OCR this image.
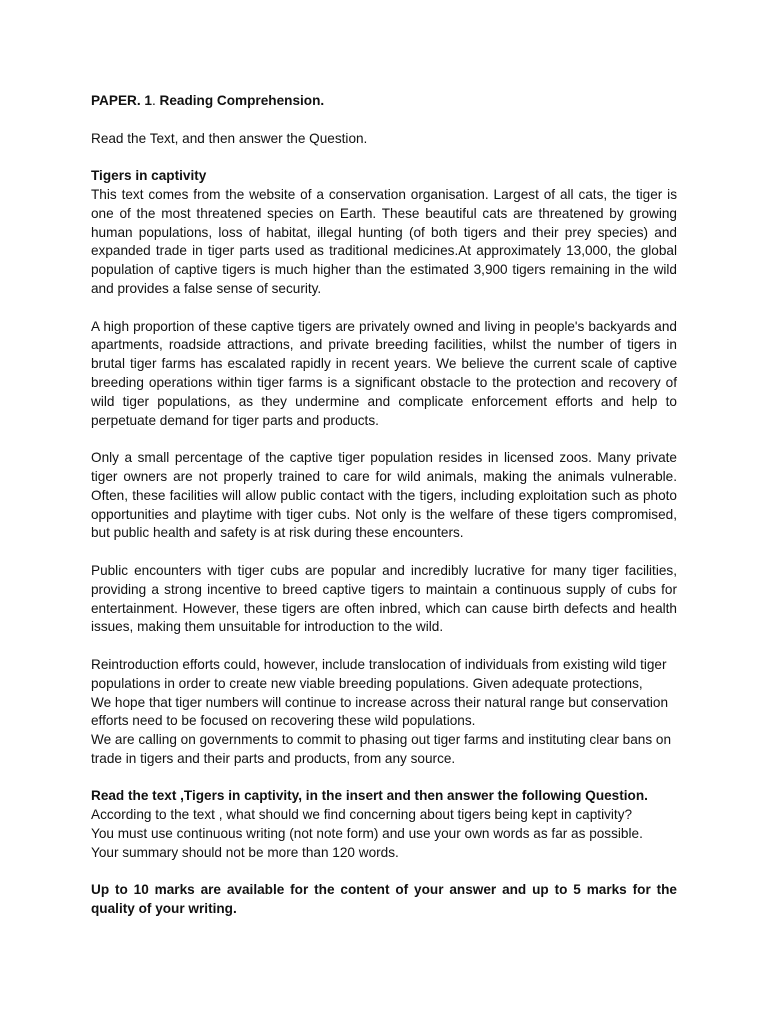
PAPER. 1. Reading Comprehension.

Read the Text, and then answer the Question.

Tigers in captivity

This text comes from the website of a conservation organisation. Largest of all cats, the tiger is one of the most threatened species on Earth. These beautiful cats are threatened by growing human populations, loss of habitat, illegal hunting (of both tigers and their prey species) and expanded trade in tiger parts used as traditional medicines.At approximately 13,000, the global population of captive tigers is much higher than the estimated 3,900 tigers remaining in the wild and provides a false sense of security.

A high proportion of these captive tigers are privately owned and living in people's backyards and apartments, roadside attractions, and private breeding facilities, whilst the number of tigers in brutal tiger farms has escalated rapidly in recent years. We believe the current scale of captive breeding operations within tiger farms is a significant obstacle to the protection and recovery of wild tiger populations, as they undermine and complicate enforcement efforts and help to perpetuate demand for tiger parts and products.

Only a small percentage of the captive tiger population resides in licensed zoos. Many private tiger owners are not properly trained to care for wild animals, making the animals vulnerable. Often, these facilities will allow public contact with the tigers, including exploitation such as photo opportunities and playtime with tiger cubs. Not only is the welfare of these tigers compromised, but public health and safety is at risk during these encounters.

Public encounters with tiger cubs are popular and incredibly lucrative for many tiger facilities, providing a strong incentive to breed captive tigers to maintain a continuous supply of cubs for entertainment. However, these tigers are often inbred, which can cause birth defects and health issues, making them unsuitable for introduction to the wild.

Reintroduction efforts could, however, include translocation of individuals from existing wild tiger populations in order to create new viable breeding populations. Given adequate protections,

We hope that tiger numbers will continue to increase across their natural range but conservation efforts need to be focused on recovering these wild populations.

We are calling on governments to commit to phasing out tiger farms and instituting clear bans on trade in tigers and their parts and products, from any source.

Read the text ,Tigers in captivity, in the insert and then answer the following Question.

According to the text , what should we find concerning about tigers being kept in captivity?

You must use continuous writing (not note form) and use your own words as far as possible.

Your summary should not be more than 120 words.

Up to 10 marks are available for the content of your answer and up to 5 marks for the quality of your writing.
